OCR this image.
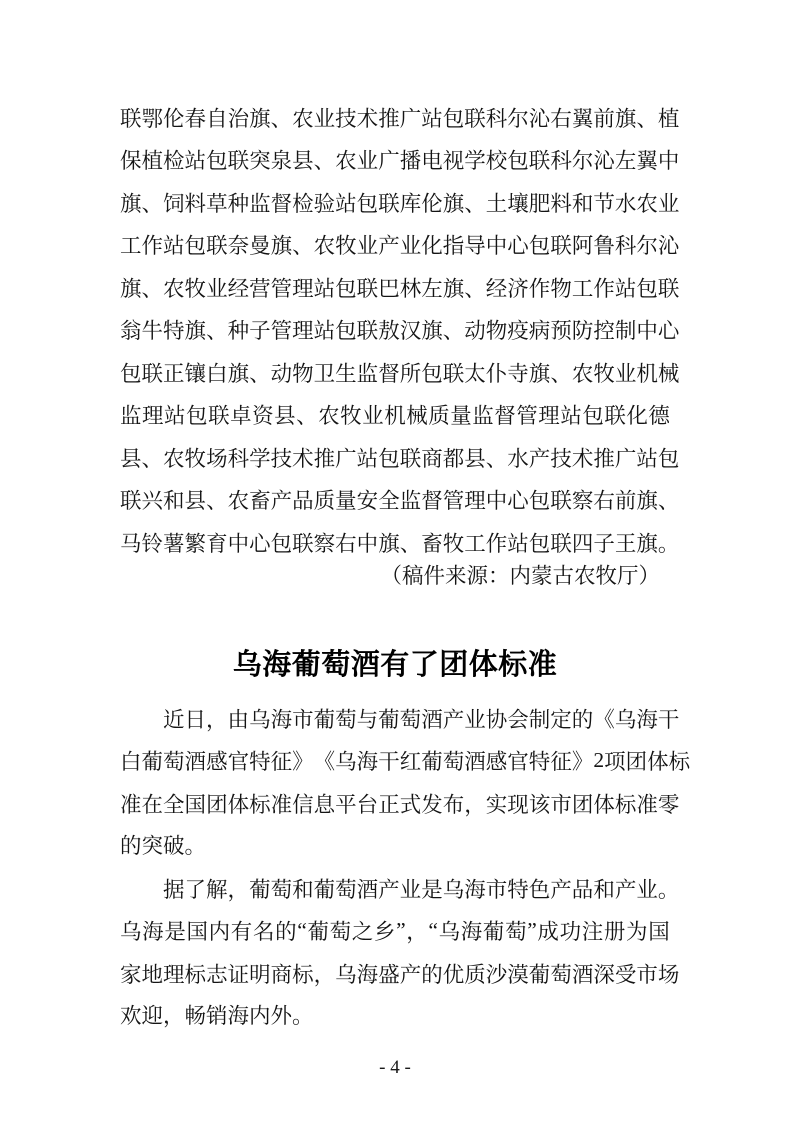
联 鄂 伦 春 自 治 旗 、 农 业 技 术 推 广 站 包 联 科 尔 沁 右 翼 前 旗 、 植
保 植 检 站 包 联 突 泉 县 、 农 业 广 播 电 视 学 校 包 联 科 尔 沁 左 翼 中
旗 、 饲 料 草 种 监 督 检 验 站 包 联 库 伦 旗 、 土 壤 肥 料 和 节 水 农 业
工 作 站 包 联 奈 曼 旗 、 农 牧 业 产 业 化 指 导 中 心 包 联 阿 鲁 科 尔 沁
旗 、 农 牧 业 经 营 管 理 站 包 联 巴 林 左 旗 、 经 济 作 物 工 作 站 包 联
翁 牛 特 旗 、 种 子 管 理 站 包 联 敖 汉 旗 、 动 物 疫 病 预 防 控 制 中 心
包 联 正 镶 白 旗 、 动 物 卫 生 监 督 所 包 联 太 仆 寺 旗 、 农 牧 业 机 械
监 理 站 包 联 卓 资 县 、 农 牧 业 机 械 质 量 监 督 管 理 站 包 联 化 德
县 、 农 牧 场 科 学 技 术 推 广 站 包 联 商 都 县 、 水 产 技 术 推 广 站 包
联 兴 和 县 、 农 畜 产 品 质 量 安 全 监 督 管 理 中 心 包 联 察 右 前 旗 、
马 铃 薯 繁 育 中 心 包 联 察 右 中 旗 、 畜 牧 工 作 站 包 联 四 子 王 旗 。
（稿件来源：内蒙古农牧厅）
乌海葡萄酒有了团体标准
近 日 ， 由 乌 海 市 葡 萄 与 葡 萄 酒 产 业 协 会 制 定 的 《 乌 海 干
白 葡 萄 酒 感 官 特 征 》 《 乌 海 干 红 葡 萄 酒 感 官 特 征 》 2 项 团 体 标
准 在 全 国 团 体 标 准 信 息 平 台 正 式 发 布 ， 实 现 该 市 团 体 标 准 零
的突破。
据 了 解 ， 葡 萄 和 葡 萄 酒 产 业 是 乌 海 市 特 色 产 品 和 产 业 。
乌 海 是 国 内 有 名 的 “ 葡 萄 之 乡 ” ， “ 乌 海 葡 萄 ” 成 功 注 册 为 国
家 地 理 标 志 证 明 商 标 ， 乌 海 盛 产 的 优 质 沙 漠 葡 萄 酒 深 受 市 场
欢迎，畅销海内外。
- 4 -
